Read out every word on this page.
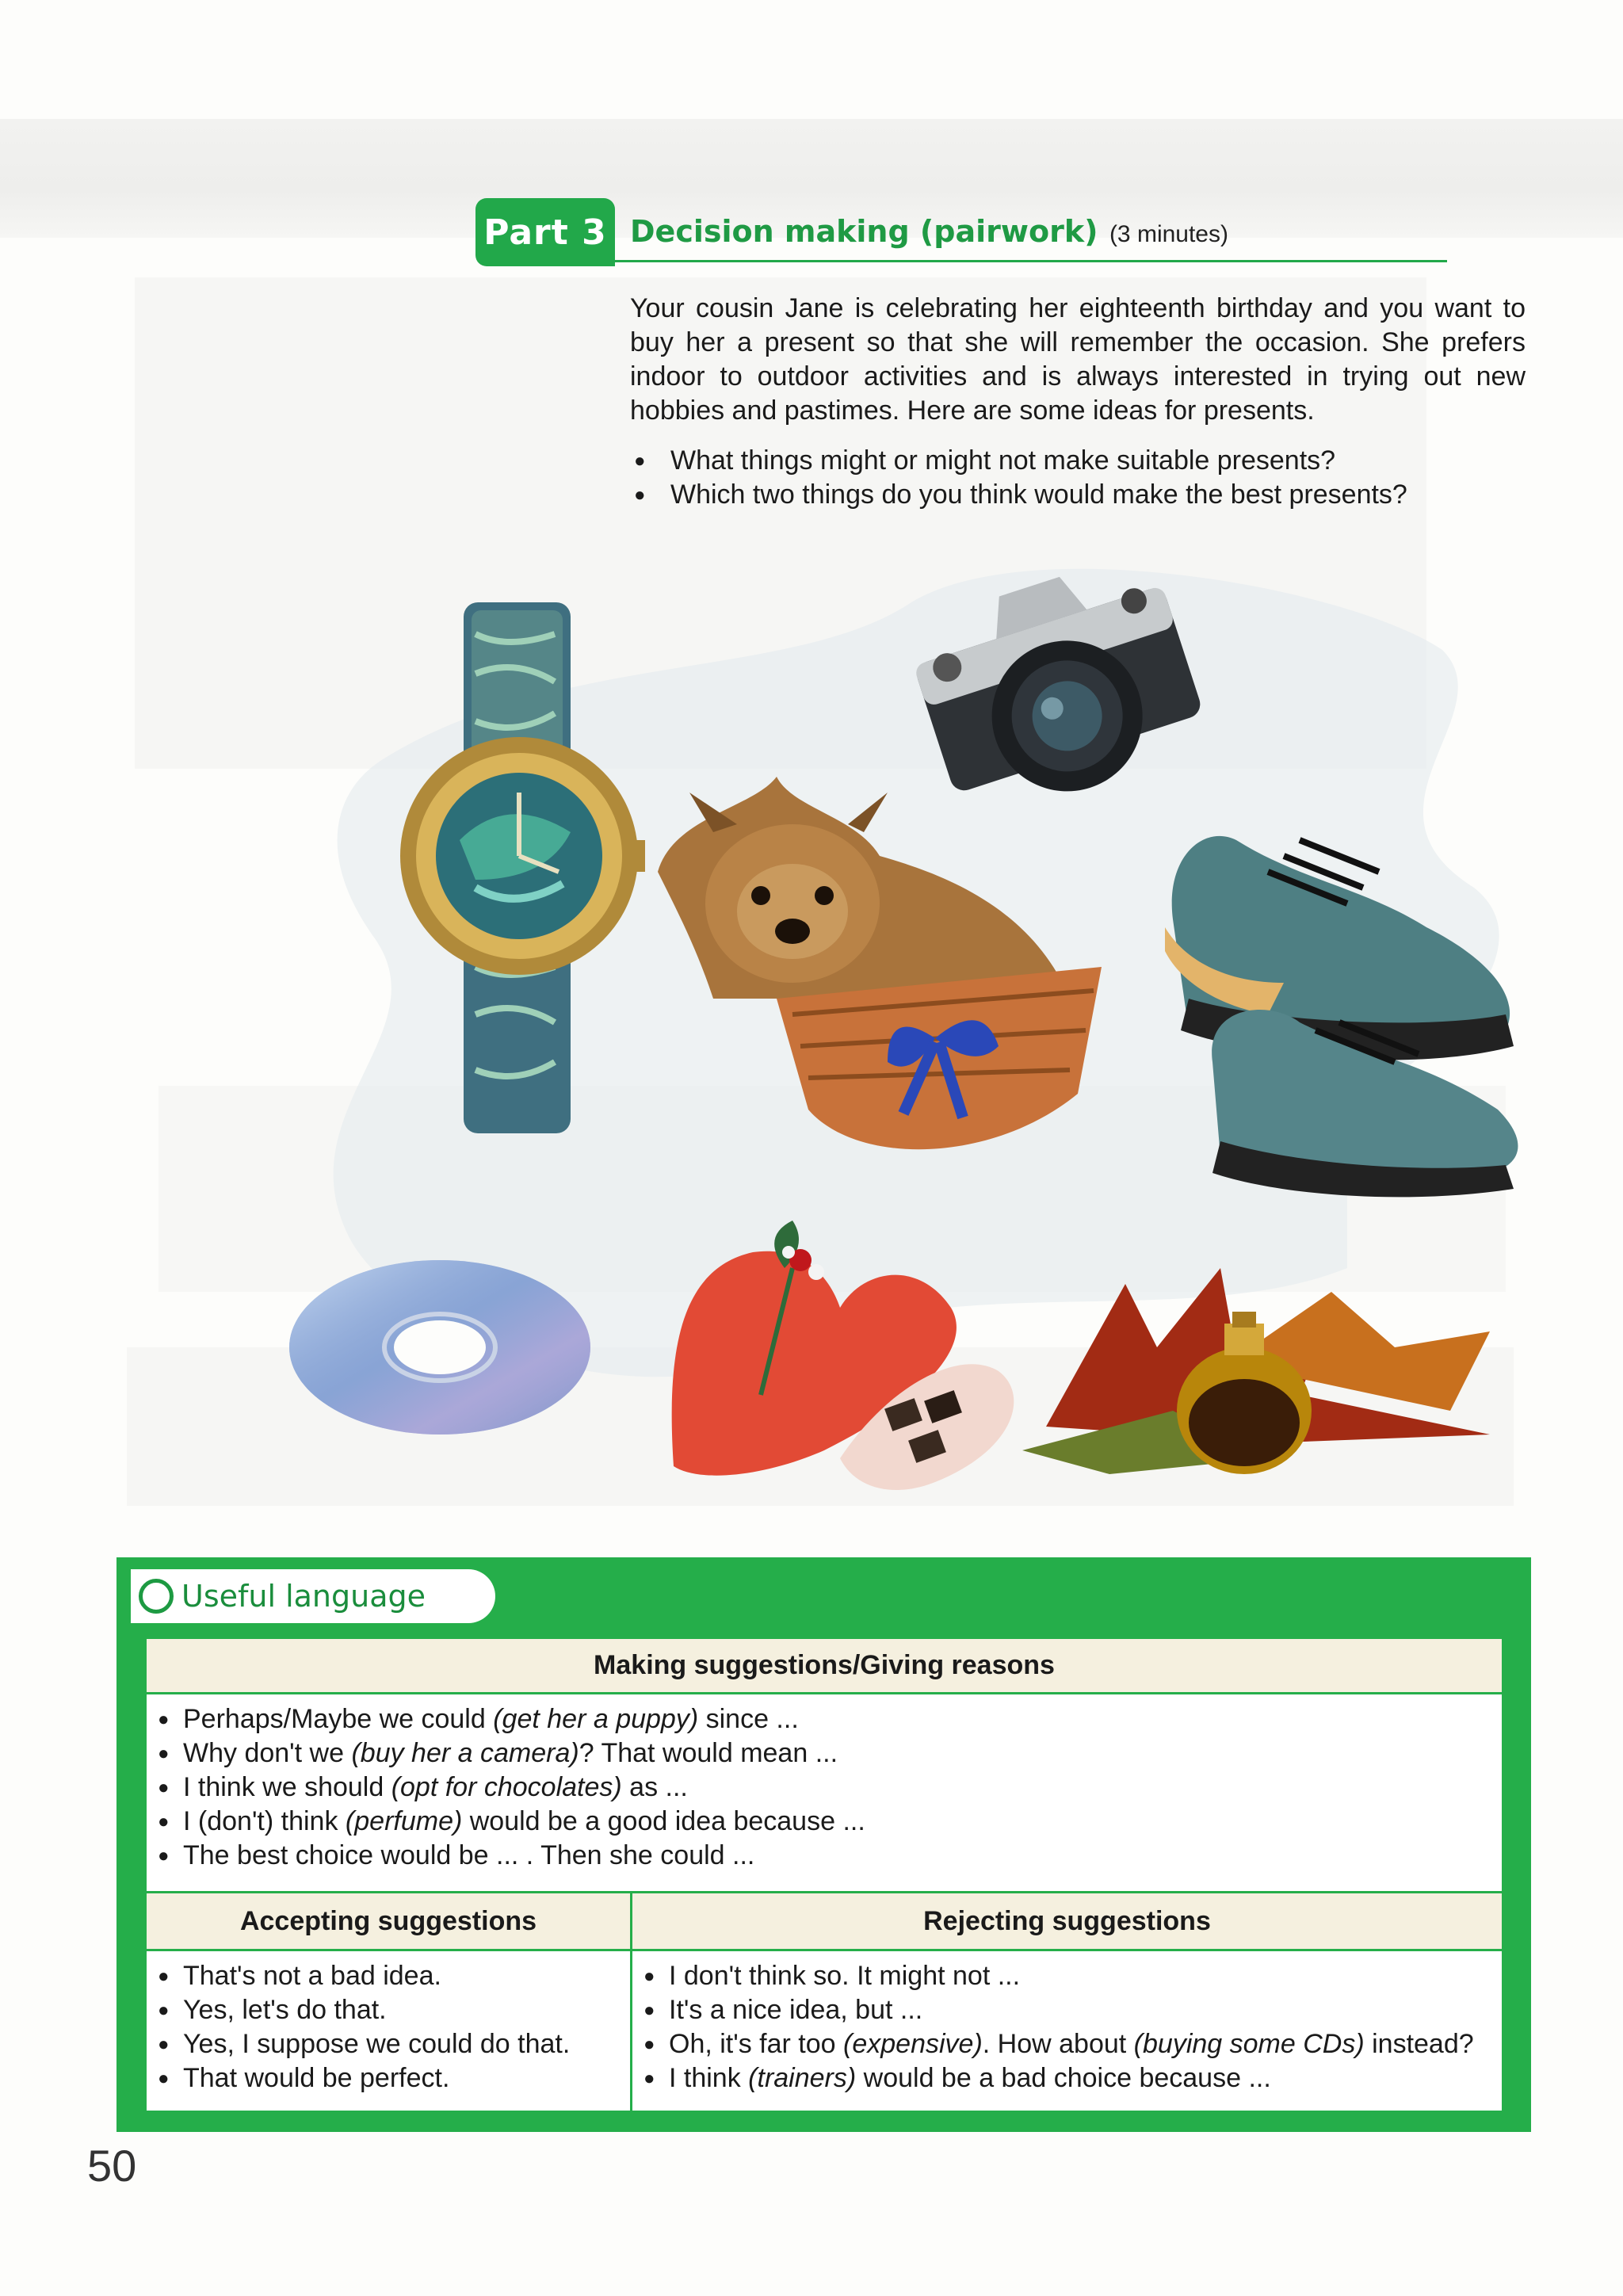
Part 3 Decision making (pairwork) (3 minutes)

Your cousin Jane is celebrating her eighteenth birthday and you want to buy her a present so that she will remember the occasion. She prefers indoor to outdoor activities and is always interested in trying out new hobbies and pastimes. Here are some ideas for presents.

● What things might or might not make suitable presents?
● Which two things do you think would make the best presents?
Useful language
Making suggestions/Giving reasons
● Perhaps/Maybe we could (get her a puppy) since ...
● Why don't we (buy her a camera)? That would mean ...
● I think we should (opt for chocolates) as ...
● I (don't) think (perfume) would be a good idea because ...
● The best choice would be ... . Then she could ...
Accepting suggestions	Rejecting suggestions
● That's not a bad idea.
● Yes, let's do that.
● Yes, I suppose we could do that.
● That would be perfect.
● I don't think so. It might not ...
● It's a nice idea, but ...
● Oh, it's far too (expensive). How about (buying some CDs) instead?
● I think (trainers) would be a bad choice because ...
50
